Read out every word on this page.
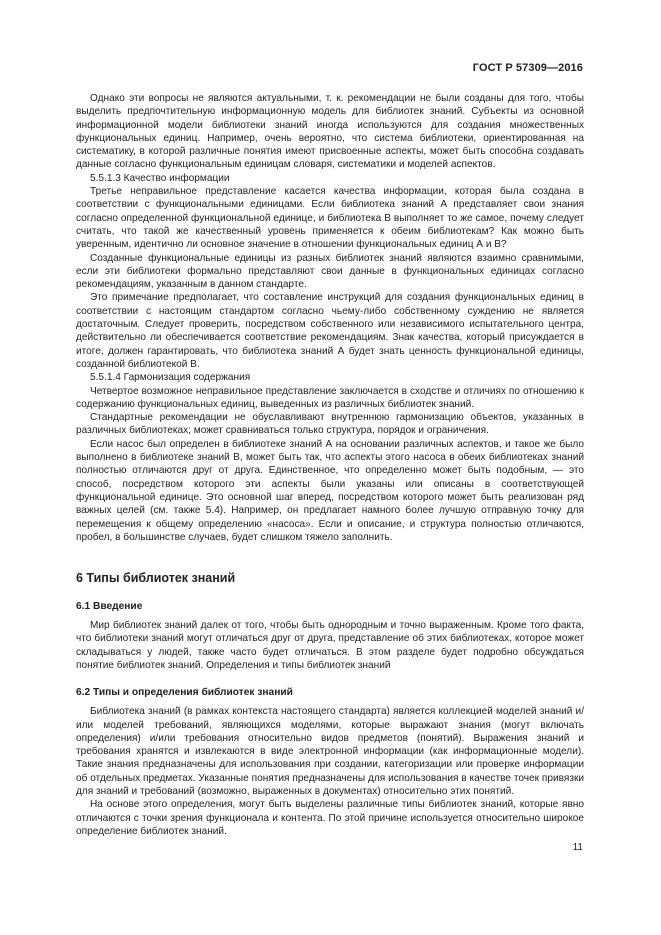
ГОСТ Р 57309—2016

Однако эти вопросы не являются актуальными, т. к. рекомендации не были созданы для того, чтобы выделить предпочтительную информационную модель для библиотек знаний. Субъекты из основной информационной модели библиотеки знаний иногда используются для создания множественных функциональных единиц. Например, очень вероятно, что система библиотеки, ориентированная на систематику, в которой различные понятия имеют присвоенные аспекты, может быть способна создавать данные согласно функциональным единицам словаря, систематики и моделей аспектов.

5.5.1.3 Качество информации

Третье неправильное представление касается качества информации, которая была создана в соответствии с функциональными единицами. Если библиотека знаний А представляет свои знания согласно определенной функциональной единице, и библиотека В выполняет то же самое, почему следует считать, что такой же качественный уровень применяется к обеим библиотекам? Как можно быть уверенным, идентично ли основное значение в отношении функциональных единиц А и В?

Созданные функциональные единицы из разных библиотек знаний являются взаимно сравнимыми, если эти библиотеки формально представляют свои данные в функциональных единицах согласно рекомендациям, указанным в данном стандарте.

Это примечание предполагает, что составление инструкций для создания функциональных единиц в соответствии с настоящим стандартом согласно чьему-либо собственному суждению не является достаточным. Следует проверить, посредством собственного или независимого испытательного центра, действительно ли обеспечивается соответствие рекомендациям. Знак качества, который присуждается в итоге, должен гарантировать, что библиотека знаний А будет знать ценность функциональной единицы, созданной библиотекой В.

5.5.1.4 Гармонизация содержания

Четвертое возможное неправильное представление заключается в сходстве и отличиях по отношению к содержанию функциональных единиц, выведенных из различных библиотек знаний.

Стандартные рекомендации не обуславливают внутреннюю гармонизацию объектов, указанных в различных библиотеках; может сравниваться только структура, порядок и ограничения.

Если насос был определен в библиотеке знаний А на основании различных аспектов, и такое же было выполнено в библиотеке знаний В, может быть так, что аспекты этого насоса в обеих библиотеках знаний полностью отличаются друг от друга. Единственное, что определенно может быть подобным, — это способ, посредством которого эти аспекты были указаны или описаны в соответствующей функциональной единице. Это основной шаг вперед, посредством которого может быть реализован ряд важных целей (см. также 5.4). Например, он предлагает намного более лучшую отправную точку для перемещения к общему определению «насоса». Если и описание, и структура полностью отличаются, пробел, в большинстве случаев, будет слишком тяжело заполнить.

6 Типы библиотек знаний
6.1 Введение

Мир библиотек знаний далек от того, чтобы быть однородным и точно выраженным. Кроме того факта, что библиотеки знаний могут отличаться друг от друга, представление об этих библиотеках, которое может складываться у людей, также часто будет отличаться. В этом разделе будет подробно обсуждаться понятие библиотек знаний. Определения и типы библиотек знаний

6.2 Типы и определения библиотек знаний

Библиотека знаний (в рамках контекста настоящего стандарта) является коллекцией моделей знаний и/или моделей требований, являющихся моделями, которые выражают знания (могут включать определения) и/или требования относительно видов предметов (понятий). Выражения знаний и требования хранятся и извлекаются в виде электронной информации (как информационные модели). Такие знания предназначены для использования при создании, категоризации или проверке информации об отдельных предметах. Указанные понятия предназначены для использования в качестве точек привязки для знаний и требований (возможно, выраженных в документах) относительно этих понятий.

На основе этого определения, могут быть выделены различные типы библиотек знаний, которые явно отличаются с точки зрения функционала и контента. По этой причине используется относительно широкое определение библиотек знаний.

11
